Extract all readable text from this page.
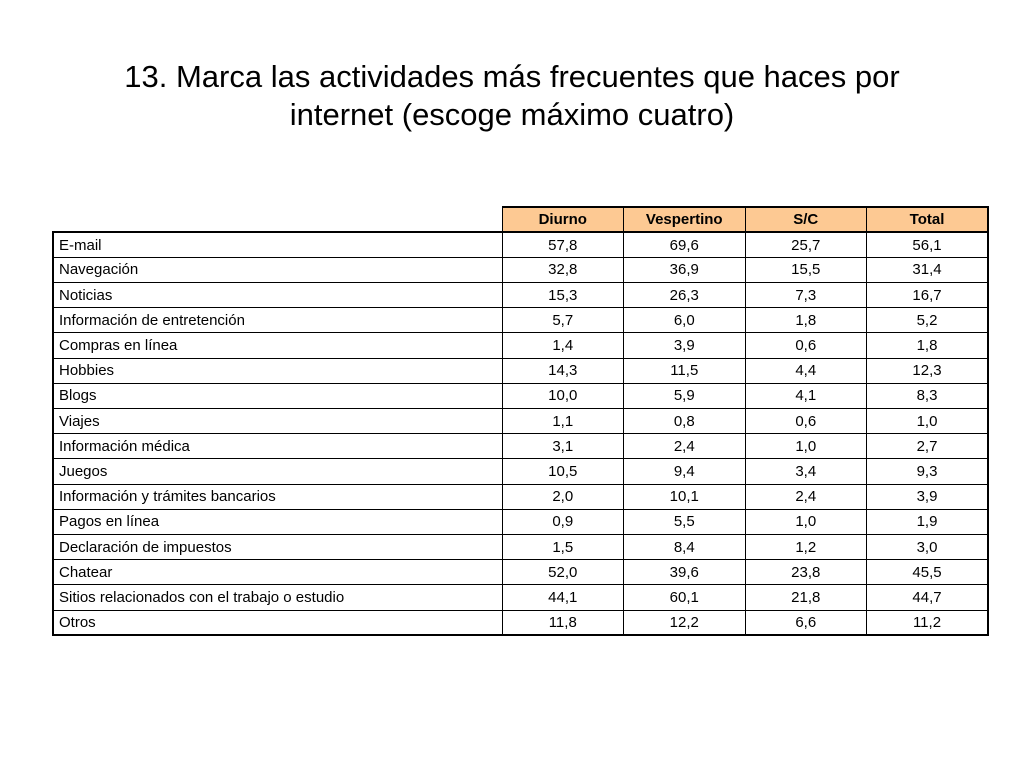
13. Marca las actividades más frecuentes que haces por
internet (escoge máximo cuatro)
	Diurno	Vespertino	S/C	Total
E-mail	57,8	69,6	25,7	56,1
Navegación	32,8	36,9	15,5	31,4
Noticias	15,3	26,3	7,3	16,7
Información de entretención	5,7	6,0	1,8	5,2
Compras en línea	1,4	3,9	0,6	1,8
Hobbies	14,3	11,5	4,4	12,3
Blogs	10,0	5,9	4,1	8,3
Viajes	1,1	0,8	0,6	1,0
Información médica	3,1	2,4	1,0	2,7
Juegos	10,5	9,4	3,4	9,3
Información y trámites bancarios	2,0	10,1	2,4	3,9
Pagos en línea	0,9	5,5	1,0	1,9
Declaración de impuestos	1,5	8,4	1,2	3,0
Chatear	52,0	39,6	23,8	45,5
Sitios relacionados con el trabajo o estudio	44,1	60,1	21,8	44,7
Otros	11,8	12,2	6,6	11,2
